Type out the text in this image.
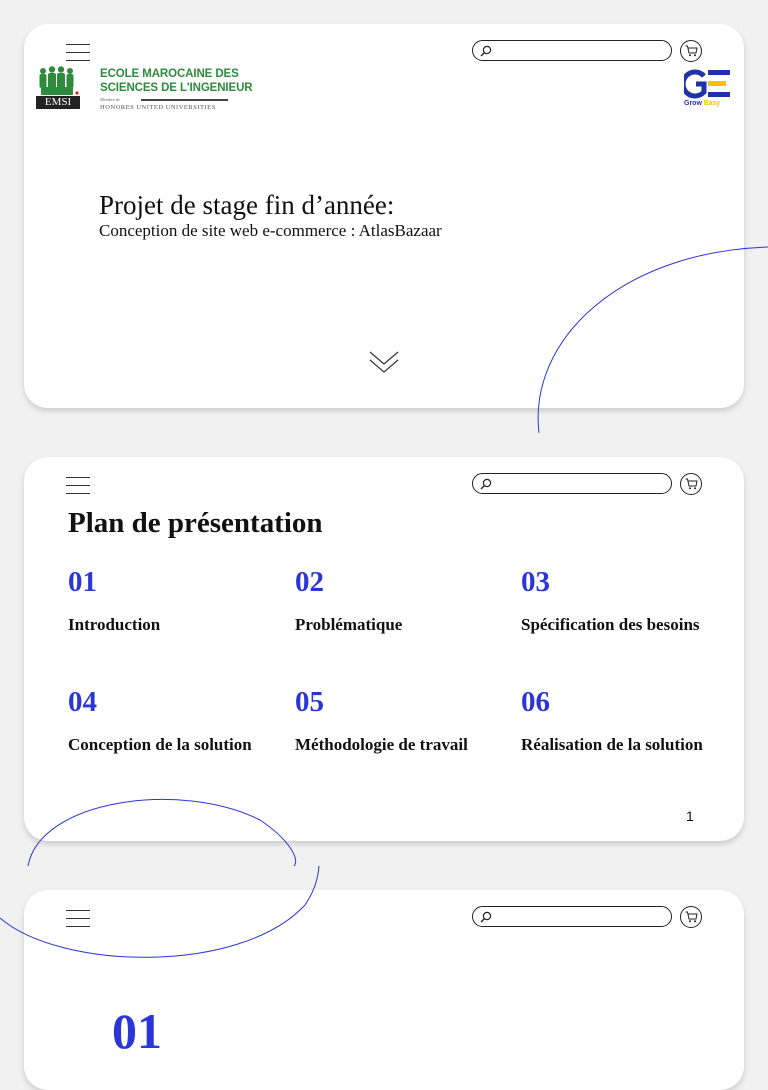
EMSI
ECOLE MAROCAINE DES
SCIENCES DE L'INGENIEUR
Membre de
HONORES UNITED UNIVERSITIES
Grow Easy
Projet de stage fin d’année:
Conception de site web e-commerce : AtlasBazaar
Plan de présentation
01
Introduction
02
Problématique
03
Spécification des besoins
04
Conception de la solution
05
Méthodologie de travail
06
Réalisation de la solution
1
01
